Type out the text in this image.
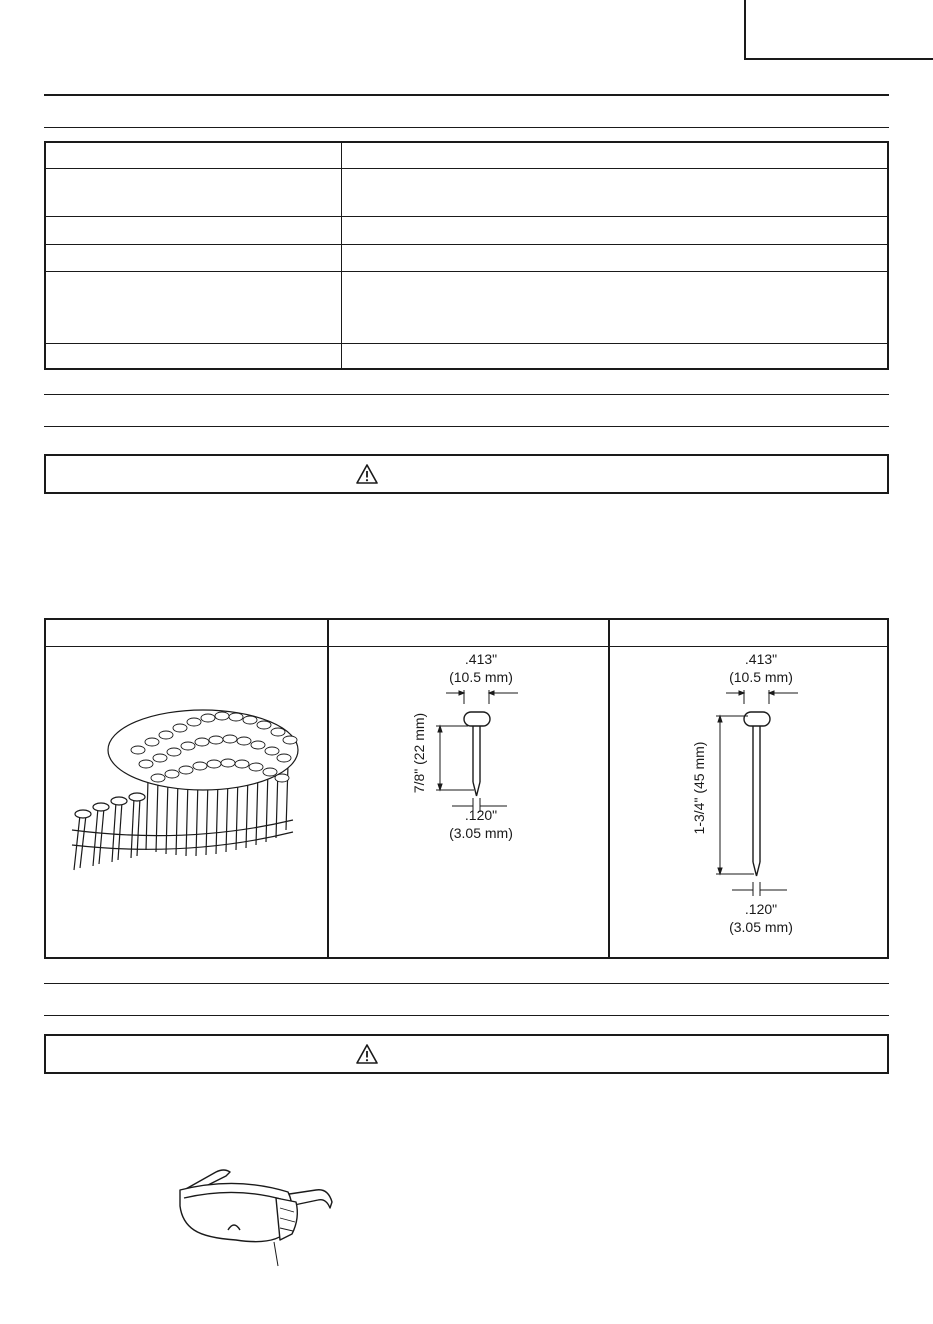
.413"
(10.5 mm)
7/8" (22 mm)
.120"
(3.05 mm)
.413"
(10.5 mm)
1-3/4" (45 mm)
.120"
(3.05 mm)
